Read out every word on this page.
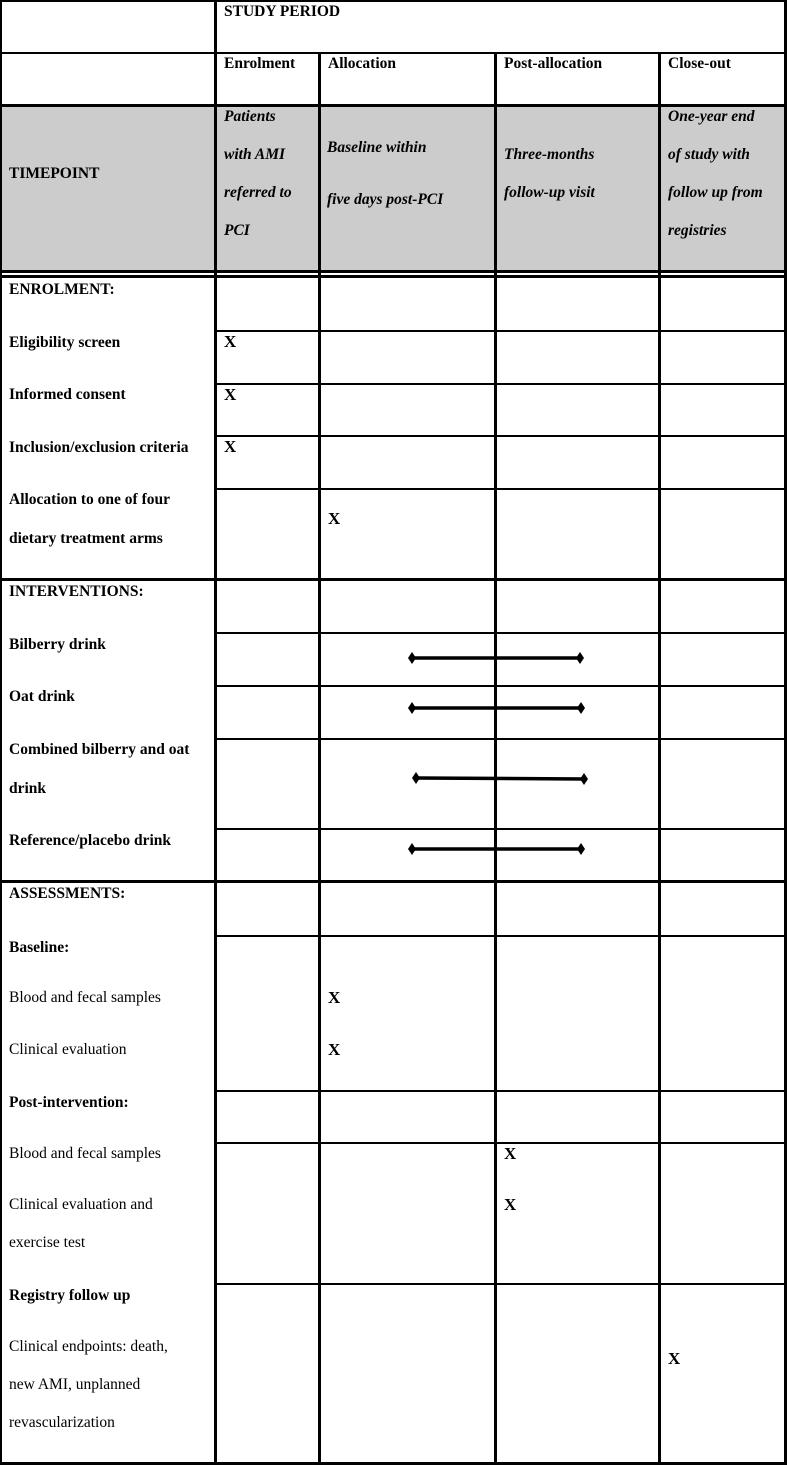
STUDY PERIOD
Enrolment Allocation	Post-allocation	Close-out
TIMEPOINT
Patients
with AMI
referred to
PCI
Baseline within
five days post-PCI
Three-months
follow-up visit
One-year end
of study with
follow up from
registries
ENROLMENT:
Eligibility screen
Informed consent
Inclusion/exclusion criteria
Allocation to one of four
dietary treatment arms
X
X
X
X
INTERVENTIONS:
Bilberry drink
Oat drink
Combined bilberry and oat
drink
Reference/placebo drink
ASSESSMENTS:
Baseline:
Blood and fecal samples
Clinical evaluation
Post-intervention:
Blood and fecal samples
Clinical evaluation and
exercise test
Registry follow up
Clinical endpoints: death,
new AMI, unplanned
revascularization
X
X
X
X
X
